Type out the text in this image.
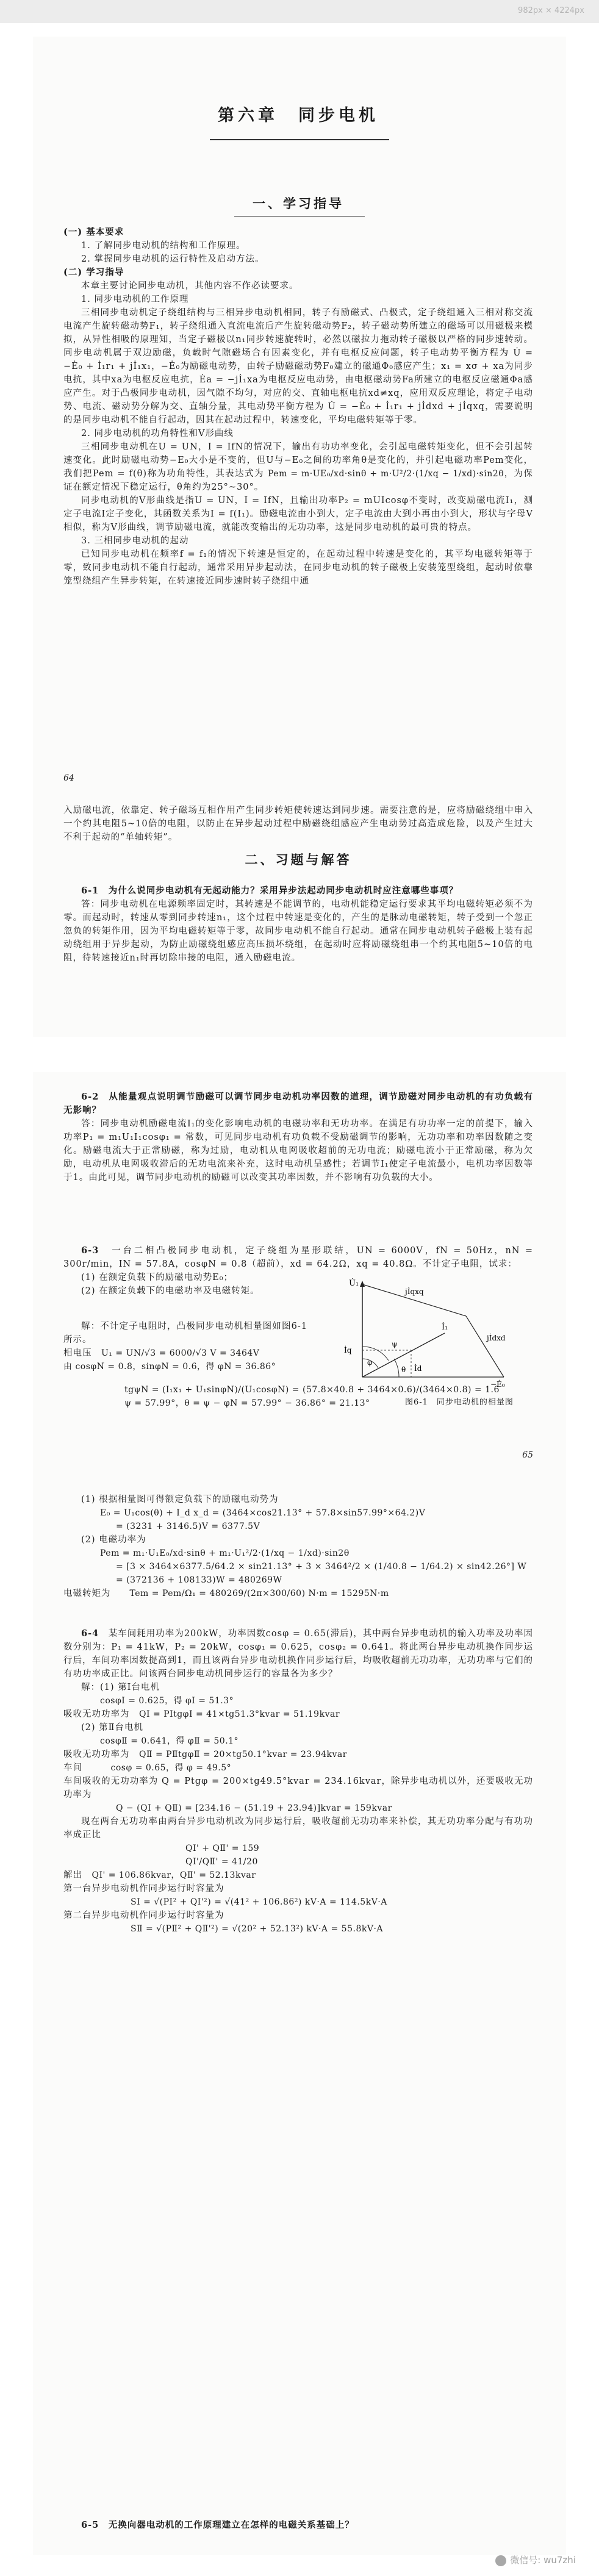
982px × 4224px
第六章　同步电机
一、学习指导
(一) 基本要求
1. 了解同步电动机的结构和工作原理。
2. 掌握同步电动机的运行特性及启动方法。
(二) 学习指导
本章主要讨论同步电动机，其他内容不作必读要求。
1. 同步电动机的工作原理
三相同步电动机定子绕组结构与三相异步电动机相同，转子有励磁式、凸极式，定子绕组通入三相对称交流电流产生旋转磁动势F₁，转子绕组通入直流电流后产生旋转磁动势F₂，转子磁动势所建立的磁场可以用磁极来模拟，从异性相吸的原理知，当定子磁极以n₁同步转速旋转时，必然以磁拉力拖动转子磁极以严格的同步速转动。同步电动机属于双边励磁，负载时气隙磁场合有因素变化，并有电枢反应问题，转子电动势平衡方程为 U̇ = −Ė₀ + İ₁r₁ + jİ₁x₁，−Ė₀为励磁电动势，由转子励磁磁动势F₀建立的磁通Φ₀感应产生；x₁ = xσ + xa为同步电抗，其中xa为电枢反应电抗，Ėa = −jİ₁xa为电枢反应电动势，由电枢磁动势Fa所建立的电枢反应磁通Φa感应产生。对于凸极同步电动机，因气隙不均匀，对应的交、直轴电枢电抗xd≠xq，应用双反应理论，将定子电动势、电流、磁动势分解为交、直轴分量，其电动势平衡方程为 U̇ = −Ė₀ + İ₁r₁ + jİdxd + jİqxq，需要说明的是同步电动机不能自行起动，因其在起动过程中，转速变化，平均电磁转矩等于零。
2. 同步电动机的功角特性和V形曲线
三相同步电动机在U = UN，I = IfN的情况下，输出有功功率变化，会引起电磁转矩变化，但不会引起转速变化。此时励磁电动势−E₀大小是不变的，但U与−E₀之间的功率角θ是变化的，并引起电磁功率Pem变化，我们把Pem = f(θ)称为功角特性，其表达式为 Pem = m·UE₀/xd·sinθ + m·U²/2·(1/xq − 1/xd)·sin2θ，为保证在额定情况下稳定运行，θ角约为25°~30°。
同步电动机的V形曲线是指U = UN，I = IfN，且输出功率P₂ = mUIcosφ不变时，改变励磁电流I₁，测定子电流I定子变化，其函数关系为I = f(I₁)。励磁电流由小到大，定子电流由大到小再由小到大，形状与字母V相似，称为V形曲线，调节励磁电流，就能改变输出的无功功率，这是同步电动机的最可贵的特点。
3. 三相同步电动机的起动
已知同步电动机在频率f = f₁的情况下转速是恒定的，在起动过程中转速是变化的，其平均电磁转矩等于零，致同步电动机不能自行起动，通常采用异步起动法，在同步电动机的转子磁极上安装笼型绕组，起动时依靠笼型绕组产生异步转矩，在转速接近同步速时转子绕组中通
64
入励磁电流，依靠定、转子磁场互相作用产生同步转矩使转速达到同步速。需要注意的是，应将励磁绕组中串入一个约其电阻5~10倍的电阻，以防止在异步起动过程中励磁绕组感应产生电动势过高造成危险，以及产生过大不利于起动的“单轴转矩”。
二、习题与解答
6-1　 为什么说同步电动机有无起动能力？采用异步法起动同步电动机时应注意哪些事项？
答：同步电动机在电源频率固定时，其转速是不能调节的，电动机能稳定运行要求其平均电磁转矩必须不为零。而起动时，转速从零到同步转速n₁，这个过程中转速是变化的，产生的是脉动电磁转矩，转子受到一个忽正忽负的转矩作用，因为平均电磁转矩等于零，故同步电动机不能自行起动。通常在同步电动机转子磁极上装有起动绕组用于异步起动，为防止励磁绕组感应高压损坏绕组，在起动时应将励磁绕组串一个约其电阻5~10倍的电阻，待转速接近n₁时再切除串接的电阻，通入励磁电流。
6-2　 从能量观点说明调节励磁可以调节同步电动机功率因数的道理，调节励磁对同步电动机的有功负载有无影响？
答：同步电动机励磁电流I₁的变化影响电动机的电磁功率和无功功率。在满足有功功率一定的前提下，输入功率P₁ = m₁U₁I₁cosφ₁ = 常数，可见同步电动机有功负载不受励磁调节的影响，无功功率和功率因数随之变化。励磁电流大于正常励磁，称为过励，电动机从电网吸收超前的无功电流；励磁电流小于正常励磁，称为欠励，电动机从电网吸收滞后的无功电流来补充，这时电动机呈感性；若调节I₁使定子电流最小，电机功率因数等于1。由此可见，调节同步电动机的励磁可以改变其功率因数，并不影响有功负载的大小。
6-3　 一台二相凸极同步电动机，定子绕组为星形联结，UN = 6000V，fN = 50Hz，nN = 300r/min，IN = 57.8A，cosφN = 0.8（超前），xd = 64.2Ω，xq = 40.8Ω。不计定子电阻，试求：
(1) 在额定负载下的励磁电动势E₀；
(2) 在额定负载下的电磁功率及电磁转矩。
解：不计定子电阻时，凸极同步电动机相量图如图6-1所示。
相电压　 U₁ = UN/√3 = 6000/√3 V = 3464V
由 cosφN = 0.8，sinφN = 0.6，得 φN = 36.86°
tgψN = (I₁x₁ + U₁sinφN)/(U₁cosφN) = (57.8×40.8 + 3464×0.6)/(3464×0.8) = 1.6
ψ = 57.99°，θ = ψ − φN = 57.99° − 36.86° = 21.13°
U̇₁
İ₁
İd
İq
jİdxd
jİqxq
−Ė₀
ψ
θ
φ
图6-1　同步电动机的相量图
65
(1) 根据相量图可得额定负载下的励磁电动势为
E₀ = U₁cos(θ) + I_d x_d = (3464×cos21.13° + 57.8×sin57.99°×64.2)V
= (3231 + 3146.5)V = 6377.5V
(2) 电磁功率为
Pem = m₁·U₁E₀/xd·sinθ + m₁·U₁²/2·(1/xq − 1/xd)·sin2θ
= [3 × 3464×6377.5/64.2 × sin21.13° + 3 × 3464²/2 × (1/40.8 − 1/64.2) × sin42.26°] W
= (372136 + 108133)W = 480269W
电磁转矩为　　 Tem = Pem/Ω₁ = 480269/(2π×300/60) N·m = 15295N·m
6-4　 某车间耗用功率为200kW，功率因数cosφ = 0.65(滞后)，其中两台异步电动机的输入功率及功率因数分别为：P₁ = 41kW，P₂ = 20kW，cosφ₁ = 0.625，cosφ₂ = 0.641。将此两台异步电动机换作同步运行后，车间功率因数提高到1，而且该两台异步电动机换作同步运行后，均吸收超前无功功率，无功功率与它们的有功功率成正比。问该两台同步电动机同步运行的容量各为多少？
解：(1) 第Ⅰ台电机
cosφⅠ = 0.625，得 φⅠ = 51.3°
吸收无功功率为　 QⅠ = PⅠtgφⅠ = 41×tg51.3°kvar = 51.19kvar
(2) 第Ⅱ台电机
cosφⅡ = 0.641，得 φⅡ = 50.1°
吸收无功功率为　 QⅡ = PⅡtgφⅡ = 20×tg50.1°kvar = 23.94kvar
车间　　　	cosφ = 0.65，得 φ = 49.5°
车间吸收的无功功率为 Q = Ptgφ = 200×tg49.5°kvar = 234.16kvar，除异步电动机以外，还要吸收无功功率为
Q − (QⅠ + QⅡ) = [234.16 − (51.19 + 23.94)]kvar = 159kvar
现在两台无功功率由两台异步电动机改为同步运行后，吸收超前无功功率来补偿，其无功功率分配与有功功率成正比
QⅠ' + QⅡ' = 159
QⅠ'/QⅡ' = 41/20
解出　 QⅠ' = 106.86kvar，QⅡ' = 52.13kvar
第一台异步电动机作同步运行时容量为
SⅠ = √(PⅠ² + QⅠ'²) = √(41² + 106.86²) kV·A = 114.5kV·A
第二台异步电动机作同步运行时容量为
SⅡ = √(PⅡ² + QⅡ'²) = √(20² + 52.13²) kV·A = 55.8kV·A
6-5　 无换向器电动机的工作原理建立在怎样的电磁关系基础上？
微信号: wu7zhi
